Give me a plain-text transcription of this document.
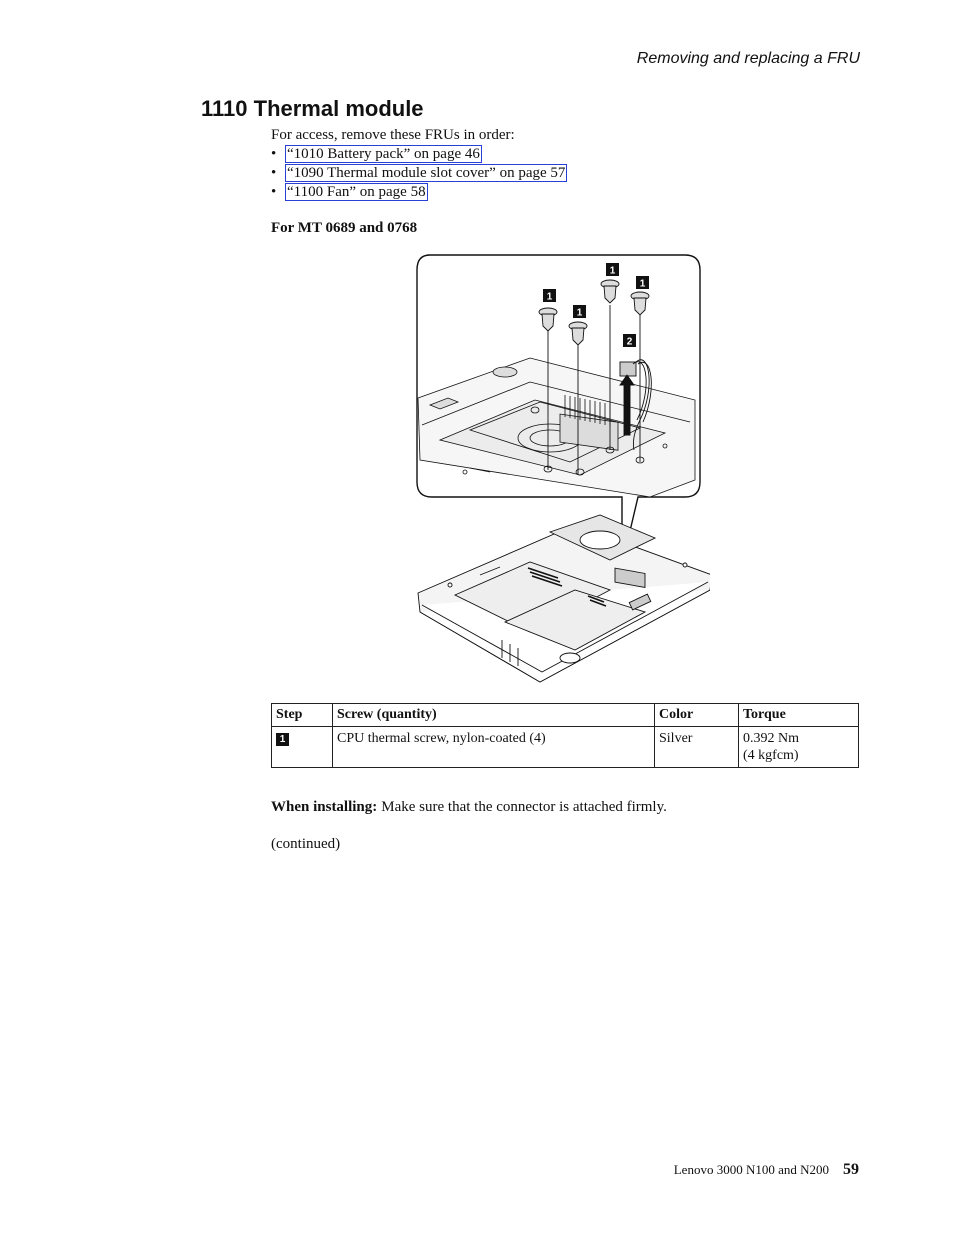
Removing and replacing a FRU
1110 Thermal module
For access, remove these FRUs in order:
• “1010 Battery pack” on page 46
• “1090 Thermal module slot cover” on page 57
• “1100 Fan” on page 58
For MT 0689 and 0768
1
1
1
1
2
Step	Screw (quantity)	Color	Torque
1	CPU thermal screw, nylon-coated (4)	Silver	0.392 Nm
(4 kgfcm)
When installing: Make sure that the connector is attached firmly.
(continued)
Lenovo 3000 N100 and N200 59
